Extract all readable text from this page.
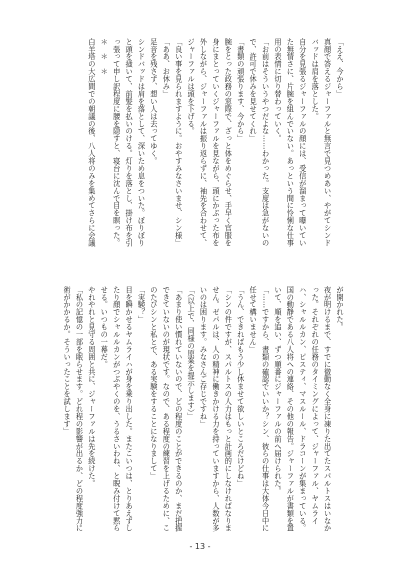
「ええ、今から」
真顔で答えるジャーファルと無言で見つめあい、やがてシンドバッドは肩を落とした。
自分を見張るジャーファルの顔には、受信が溜まって曝いていた無情さに、片腕を組んでいない。あっという間に怜悧な仕事用の表情に切り替わっていく。
「お前はそういうやつだよな……わかった。支度は急がないので、許可で休みを見せてくれ」
「書類の頑張ります、今から」
腕をとった政務の窓際で、ざっと体をめぐらせ、手早く官服を身にまとっていくジャーファルを見ながら、頭にかぶった布を外しながら、ジャーファルは振り返らずに、袖先を合わせて、ジャーファルは頭を下げる。
「良い事を見られますように。おやすみなさいませ、シン様」
「ああ、お休み」
足音を残さず、想い人は去ってゆく。
シンドバッドは肩を落として、深いため息をついた。ぼりぼりと頭を掻いて、前髪を払いのける。灯りを落とし、掛け布を引っ張って申し訳程度に腰を隠すと、寝台に沈んで目を瞑った。
＊　＊　＊
白羊塔の大広間での朝議の後、八人将のみを集めてさらに会議
が開かれた。
夜が明けるまで、すでに微動なく全身に凍りた出てたスパルトスはいなかった。それぞれの任務のタイミングによって、ジャーファル、ヤムライハ、シャルルカン、ピスティ、マスルール、ドラコーンが集まっている。
国の動静である八人将への連絡、その他の報告。ジャーファルが書類を置いて、順を追い、ずつ順番にジャーファルの前へ届けられた。
「……ですから、書類の確認でいいか？シン、彼らの仕事は大体今日中に任せて構いません」
「うん、できればもう少し休ませて欲しいところだけどね」
「シンの件ですが、スパルトスの人力はもっと計画的にしなければなりません。ゼパルは、人の精神に働きかける力を持っていますから、人数が多いのは困ります。みなさんご存じですね」
「（以上で、同様の原案を提示します）」
「あまり使い慣れていないので、どの程度のことができるのか、まだ把握できていないのが現状です。なので、ある程度の練習を上げるために、このたびシンと私とで、ある実験をすることになりまして」
「実験？」
目を瞬かせるヤムライハが身を乗り出した。またこいつは、とりあえずしたり顔でシャルルカンがつぶやくのを、うるさいわね、と睨み付けて黙らせる。いつもの一幕だ。
やれやれと見守る周囲と共に、ジャーファルは先を続けた。
「私の記憶の一部を眠らせます。どれ程の影響が出るか、どの程度強力に術がかかるか。そういったことを試します」
- 13 -
